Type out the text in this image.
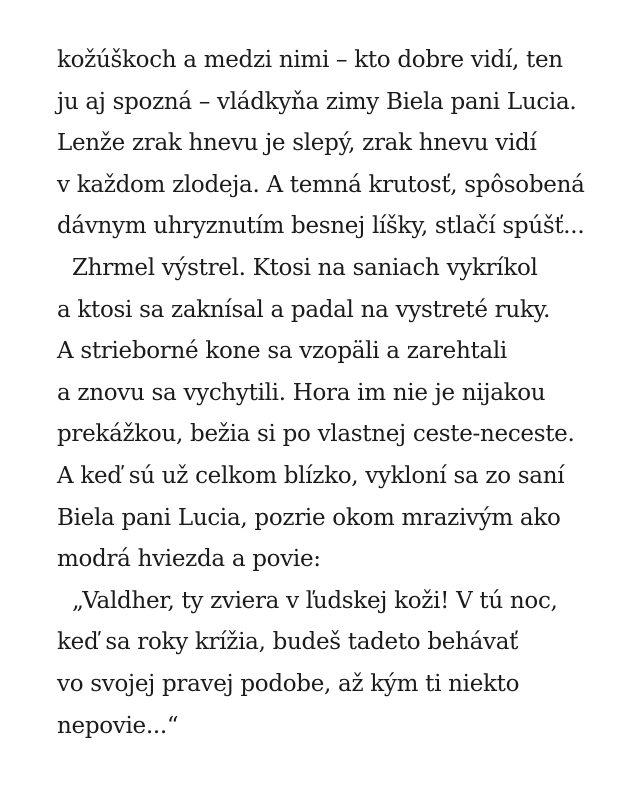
kožúškoch a medzi nimi – kto dobre vidí, ten
ju aj spozná – vládkyňa zimy Biela pani Lucia.
Lenže zrak hnevu je slepý, zrak hnevu vidí
v každom zlodeja. A temná krutosť, spôsobená
dávnym uhryznutím besnej líšky, stlačí spúšť...
Zhrmel výstrel. Ktosi na saniach vykríkol
a ktosi sa zaknísal a padal na vystreté ruky.
A strieborné kone sa vzopäli a zarehtali
a znovu sa vychytili. Hora im nie je nijakou
prekážkou, bežia si po vlastnej ceste-neceste.
A keď sú už celkom blízko, vykloní sa zo saní
Biela pani Lucia, pozrie okom mrazivým ako
modrá hviezda a povie:
„Valdher, ty zviera v ľudskej koži! V tú noc,
keď sa roky krížia, budeš tadeto behávať
vo svojej pravej podobe, až kým ti niekto
nepovie...“
